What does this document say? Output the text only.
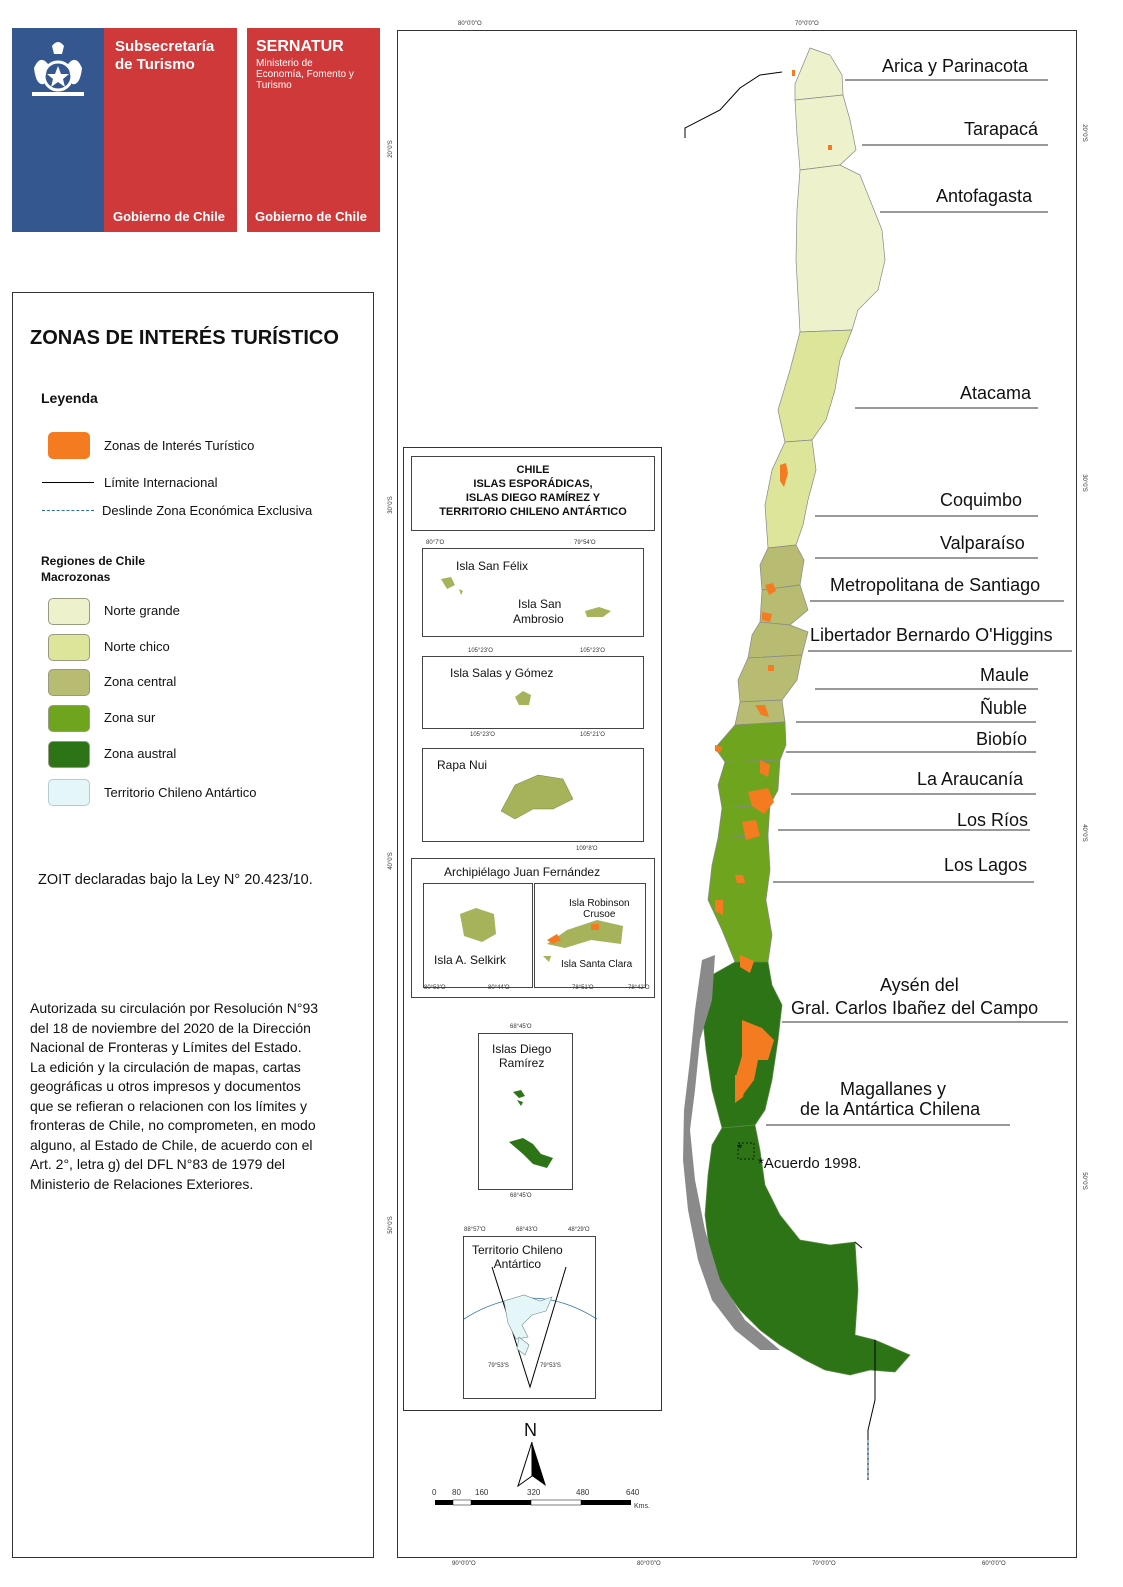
Subsecretaría
de Turismo
Gobierno de Chile
SERNATUR
Ministerio de
Economía, Fomento y
Turismo
Gobierno de Chile
ZONAS DE INTERÉS TURÍSTICO
Leyenda
Zonas de Interés Turístico
Límite Internacional
Deslinde Zona Económica Exclusiva
Regiones de Chile
Macrozonas
Norte grande
Norte chico
Zona central
Zona sur
Zona austral
Territorio Chileno Antártico
ZOIT declaradas bajo la Ley N° 20.423/10.
Autorizada su circulación por Resolución N°93
del 18 de noviembre del 2020 de la Dirección
Nacional de Fronteras y Límites del Estado.
La edición y la circulación de mapas, cartas
geográficas u otros impresos y documentos
que se refieran o relacionen con los límites y
fronteras de Chile, no comprometen, en modo
alguno, al Estado de Chile, de acuerdo con el
Art. 2°, letra g) del DFL N°83 de 1979 del
Ministerio de Relaciones Exteriores.
80°0'0"O	70°0'0"O
90°0'0"O	80°0'0"O	70°0'0"O	60°0'0"O
20°0'S
30°0'S
40°0'S
50°0'S
20°0'S
30°0'S
40°0'S
50°0'S
Arica y Parinacota
Tarapacá
Antofagasta
Atacama
Coquimbo
Valparaíso
Metropolitana de Santiago
Libertador Bernardo O'Higgins
Maule
Ñuble
Biobío
La Araucanía
Los Ríos
Los Lagos
Aysén del
Gral. Carlos Ibañez del Campo
Magallanes y
de la Antártica Chilena
*
*Acuerdo 1998.
N
0 80 160	320	480	640
Kms.
CHILE
ISLAS ESPORÁDICAS,
ISLAS DIEGO RAMÍREZ Y
TERRITORIO CHILENO ANTÁRTICO
Isla San Félix
Isla San
Ambrosio
80°7'O	79°54'O
105°23'O	105°23'O
Isla Salas y Gómez
105°23'O	105°21'O
Rapa Nui
109°8'O
Archipiélago Juan Fernández
Isla A. Selkirk
Isla Robinson
Crusoe
Isla Santa Clara
80°53'O	80°44'O	78°51'O	78°42'O
Islas Diego
Ramírez
68°45'O
68°45'O
Territorio Chileno
Antártico
79°53'S	79°53'S
88°57'O	68°43'O	48°29'O
